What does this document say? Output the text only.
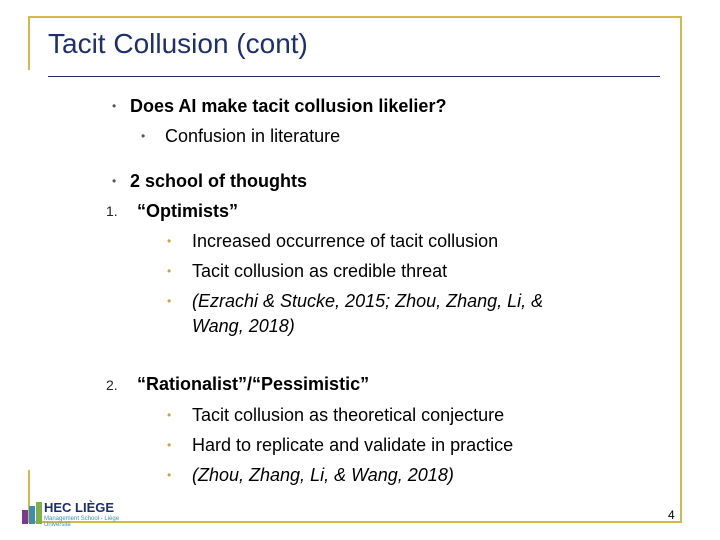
Tacit Collusion (cont)
• Does AI make tacit collusion likelier?
• Confusion in literature
• 2 school of thoughts
1. “Optimists”
• Increased occurrence of tacit collusion
• Tacit collusion as credible threat
• (Ezrachi & Stucke, 2015; Zhou, Zhang, Li, &
Wang, 2018)
2. “Rationalist”/“Pessimistic”
• Tacit collusion as theoretical conjecture
• Hard to replicate and validate in practice
• (Zhou, Zhang, Li, & Wang, 2018)
HEC LIÈGE
Management School - Liège Université
4
